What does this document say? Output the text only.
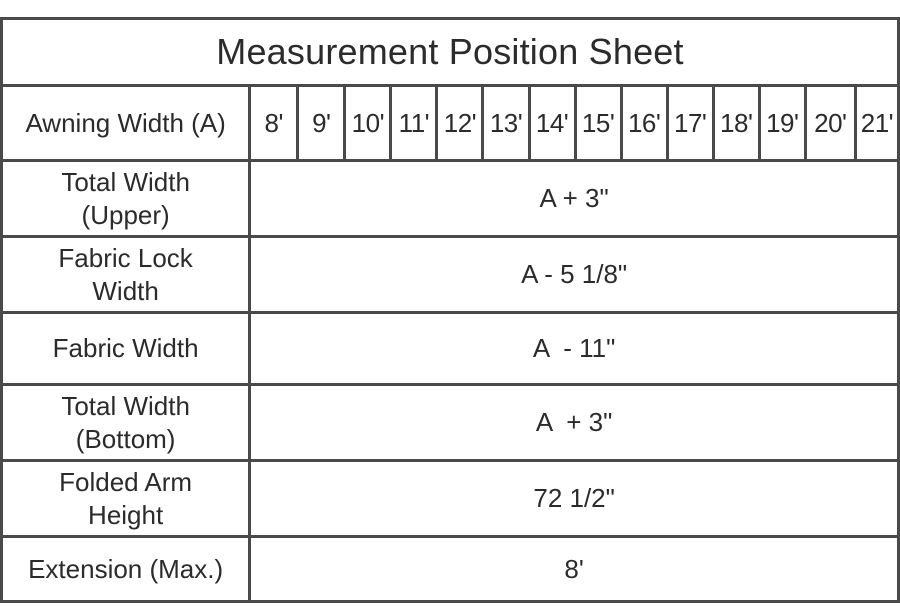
Measurement Position Sheet														
Awning Width (A)	8'	9'	10'	11'	12'	13'	14'	15'	16'	17'	18'	19'	20'	21'
Total Width
(Upper)	A + 3"													
Fabric Lock
Width	A - 5 1/8"													
Fabric Width	A  - 11"													
Total Width
(Bottom)	A  + 3"													
Folded Arm
Height	72 1/2"													
Extension (Max.)	8'													
